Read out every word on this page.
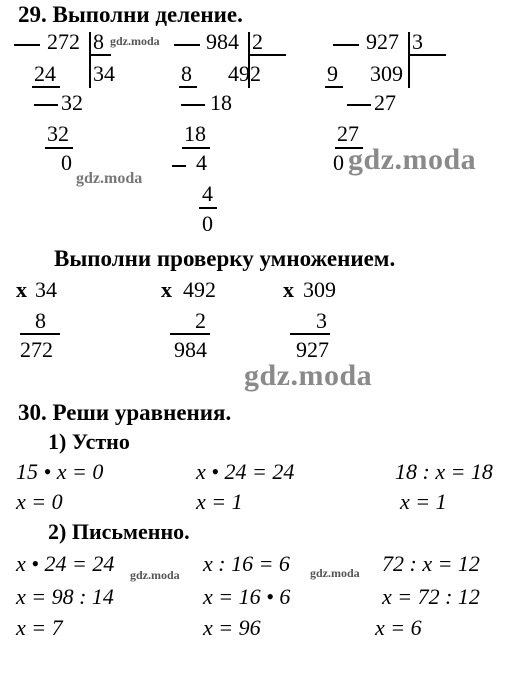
29. Выполни деление.
272 8
24 34
32
32
0
984 2
8 492
18
18
4
4
0
927 3
9 309
27
27
0
Выполни проверку умножением.
x 34
8
272
x 492
2
984
x 309
3
927
30. Реши уравнения.
1) Устно
15 • x = 0	x • 24 = 24	18 : x = 18
x = 0	x = 1	x = 1
2) Письменно.
x • 24 = 24	x : 16 = 6	72 : x = 12
x = 98 : 14	x = 16 • 6	x = 72 : 12
x = 7	x = 96	x = 6
gdz.moda
gdz.moda
gdz.moda
gdz.moda
gdz.moda	gdz.moda
